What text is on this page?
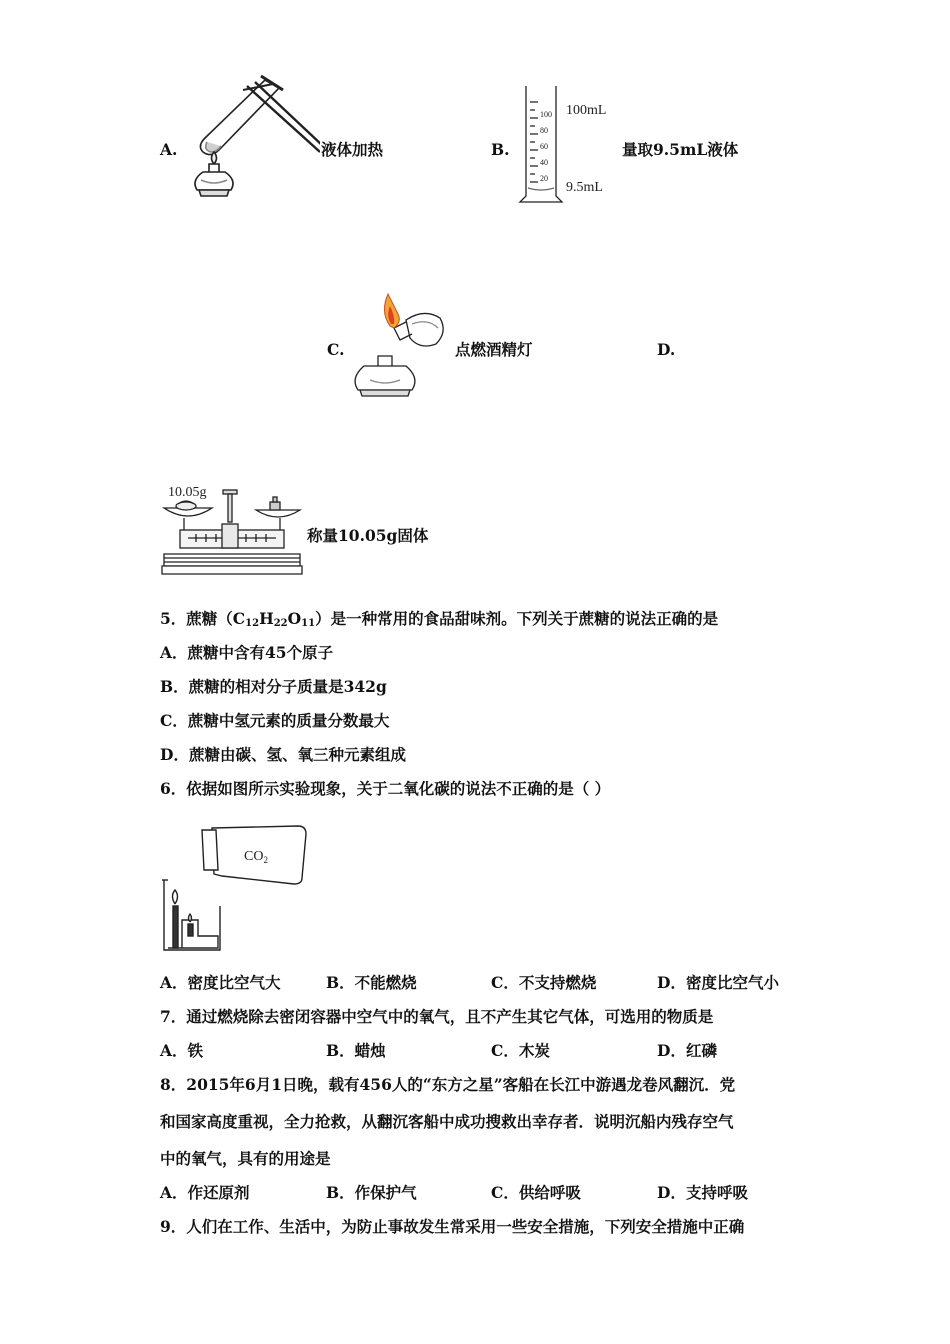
A.	液体加热	B.
100
80
60
40
20
100mL
9.5mL
量取9.5mL液体
C.	点燃酒精灯	D.
10.05g
称量10.05g固体
5．蔗糖$(C_{12}H_{22}O_{11})$是一种常用的食品甜味剂。下列关于蔗糖的说法正确的是
A．蔗糖中含有45个原子
B．蔗糖的相对分子质量是342g
C．蔗糖中氢元素的质量分数最大
D．蔗糖由碳、氢、氧三种元素组成
6．依据如图所示实验现象，关于二氧化碳的说法不正确的是（ ）
$CO_2$
A．密度比空气大	B．不能燃烧	C．不支持燃烧	D．密度比空气小
7．通过燃烧除去密闭容器中空气中的氧气，且不产生其它气体，可选用的物质是
A．铁	B．蜡烛	C．木炭	D．红磷
8．2015年6月1日晚，载有456人的“东方之星”客船在长江中游遇龙卷风翻沉．党
和国家高度重视，全力抢救，从翻沉客船中成功搜救出幸存者．说明沉船内残存空气
中的氧气，具有的用途是
A．作还原剂	B．作保护气	C．供给呼吸	D．支持呼吸
9．人们在工作、生活中，为防止事故发生常采用一些安全措施，下列安全措施中正确
